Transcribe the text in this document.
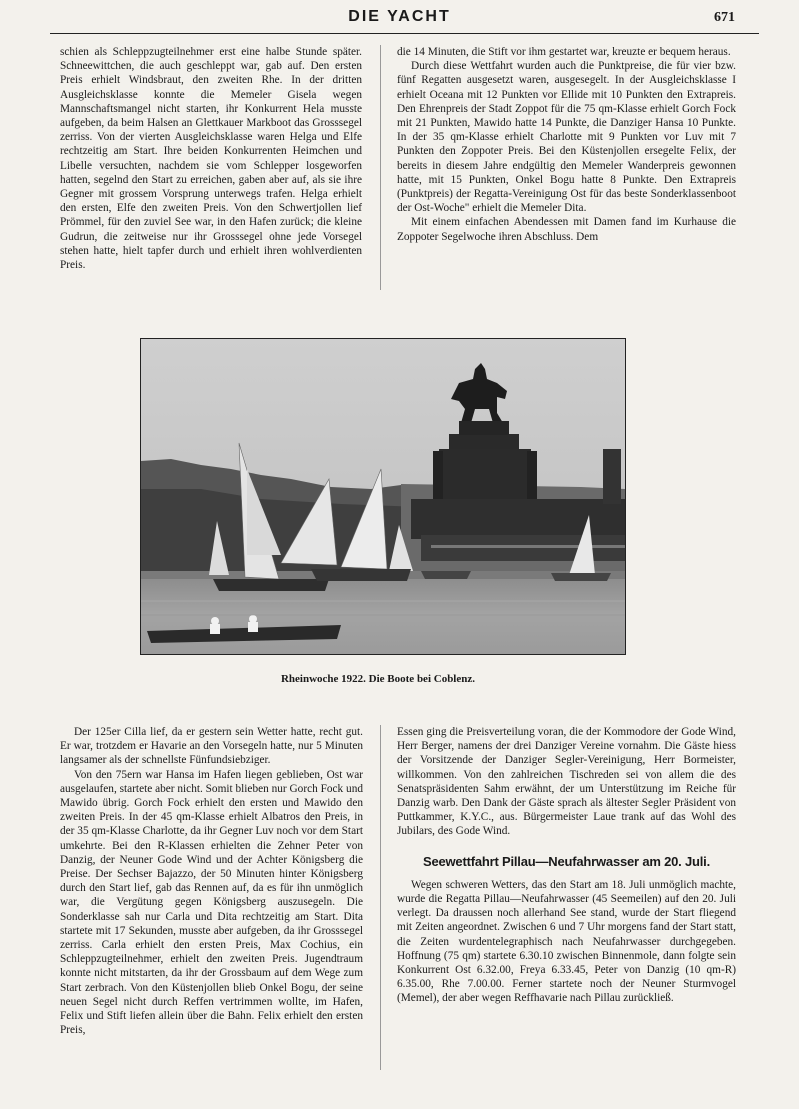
DIE YACHT	671

schien als Schleppzugteilnehmer erst eine halbe Stunde später. Schneewittchen, die auch geschleppt war, gab auf. Den ersten Preis erhielt Windsbraut, den zweiten Rhe. In der dritten Ausgleichsklasse konnte die Memeler Gisela wegen Mannschaftsmangel nicht starten, ihr Konkurrent Hela musste aufgeben, da beim Halsen an Glettkauer Markboot das Grosssegel zerriss. Von der vierten Ausgleichsklasse waren Helga und Elfe rechtzeitig am Start. Ihre beiden Konkurrenten Heimchen und Libelle versuchten, nachdem sie vom Schlepper losgeworfen hatten, segelnd den Start zu erreichen, gaben aber auf, als sie ihre Gegner mit grossem Vorsprung unterwegs trafen. Helga erhielt den ersten, Elfe den zweiten Preis. Von den Schwertjollen lief Prömmel, für den zuviel See war, in den Hafen zurück; die kleine Gudrun, die zeitweise nur ihr Grosssegel ohne jede Vorsegel stehen hatte, hielt tapfer durch und erhielt ihren wohlverdienten Preis.

die 14 Minuten, die Stift vor ihm gestartet war, kreuzte er bequem heraus.

Durch diese Wettfahrt wurden auch die Punktpreise, die für vier bzw. fünf Regatten ausgesetzt waren, ausgesegelt. In der Ausgleichsklasse I erhielt Oceana mit 12 Punkten vor Ellide mit 10 Punkten den Extrapreis. Den Ehrenpreis der Stadt Zoppot für die 75 qm-Klasse erhielt Gorch Fock mit 21 Punkten, Mawido hatte 14 Punkte, die Danziger Hansa 10 Punkte. In der 35 qm-Klasse erhielt Charlotte mit 9 Punkten vor Luv mit 7 Punkten den Zoppoter Preis. Bei den Küstenjollen ersegelte Felix, der bereits in diesem Jahre endgültig den Memeler Wanderpreis gewonnen hatte, mit 15 Punkten, Onkel Bogu hatte 8 Punkte. Den Extrapreis (Punktpreis) der Regatta-Vereinigung Ost für das beste Sonderklassenboot der Ost-Woche" erhielt die Memeler Dita.

Mit einem einfachen Abendessen mit Damen fand im Kurhause die Zoppoter Segelwoche ihren Abschluss. Dem

Rheinwoche 1922. Die Boote bei Coblenz.

Der 125er Cilla lief, da er gestern sein Wetter hatte, recht gut. Er war, trotzdem er Havarie an den Vorsegeln hatte, nur 5 Minuten langsamer als der schnellste Fünfundsiebziger.

Von den 75ern war Hansa im Hafen liegen geblieben, Ost war ausgelaufen, startete aber nicht. Somit blieben nur Gorch Fock und Mawido übrig. Gorch Fock erhielt den ersten und Mawido den zweiten Preis. In der 45 qm-Klasse erhielt Albatros den Preis, in der 35 qm-Klasse Charlotte, da ihr Gegner Luv noch vor dem Start umkehrte. Bei den R-Klassen erhielten die Zehner Peter von Danzig, der Neuner Gode Wind und der Achter Königsberg die Preise. Der Sechser Bajazzo, der 50 Minuten hinter Königsberg durch den Start lief, gab das Rennen auf, da es für ihn unmöglich war, die Vergütung gegen Königsberg auszusegeln. Die Sonderklasse sah nur Carla und Dita rechtzeitig am Start. Dita startete mit 17 Sekunden, musste aber aufgeben, da ihr Grosssegel zerriss. Carla erhielt den ersten Preis, Max Cochius, ein Schleppzugteilnehmer, erhielt den zweiten Preis. Jugendtraum konnte nicht mitstarten, da ihr der Grossbaum auf dem Wege zum Start zerbrach. Von den Küstenjollen blieb Onkel Bogu, der seine neuen Segel nicht durch Reffen vertrimmen wollte, im Hafen, Felix und Stift liefen allein über die Bahn. Felix erhielt den ersten Preis,

Essen ging die Preisverteilung voran, die der Kommodore der Gode Wind, Herr Berger, namens der drei Danziger Vereine vornahm. Die Gäste hiess der Vorsitzende der Danziger Segler-Vereinigung, Herr Bormeister, willkommen. Von den zahlreichen Tischreden sei von allem die des Senatspräsidenten Sahm erwähnt, der um Unterstützung im Reiche für Danzig warb. Den Dank der Gäste sprach als ältester Segler Präsident von Puttkammer, K.Y.C., aus. Bürgermeister Laue trank auf das Wohl des Jubilars, des Gode Wind.

Seewettfahrt Pillau—Neufahrwasser am 20. Juli.

Wegen schweren Wetters, das den Start am 18. Juli unmöglich machte, wurde die Regatta Pillau—Neufahrwasser (45 Seemeilen) auf den 20. Juli verlegt. Da draussen noch allerhand See stand, wurde der Start fliegend mit Zeiten angeordnet. Zwischen 6 und 7 Uhr morgens fand der Start statt, die Zeiten wurdentelegraphisch nach Neufahrwasser durchgegeben. Hoffnung (75 qm) startete 6.30.10 zwischen Binnenmole, dann folgte sein Konkurrent Ost 6.32.00, Freya 6.33.45, Peter von Danzig (10 qm-R) 6.35.00, Rhe 7.00.00. Ferner startete noch der Neuner Sturmvogel (Memel), der aber wegen Reffhavarie nach Pillau zurückließ.
